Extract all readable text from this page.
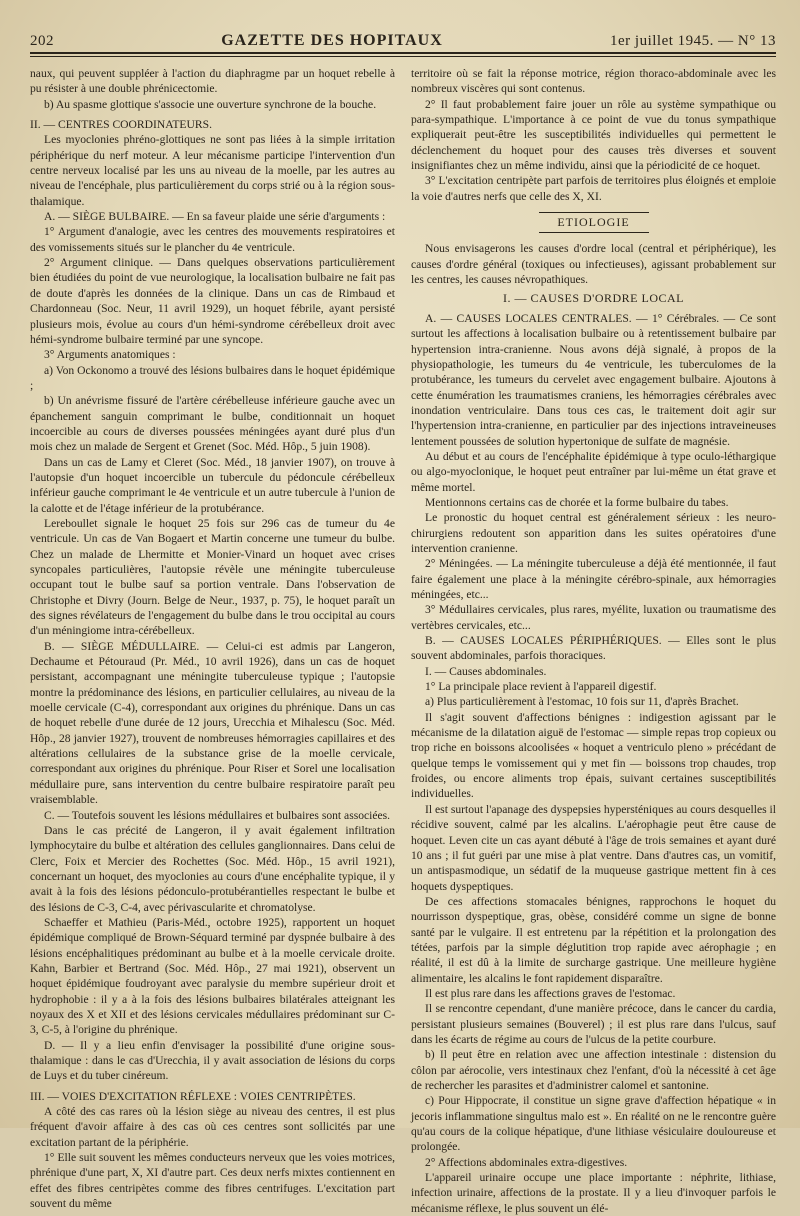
202	GAZETTE DES HOPITAUX	1er juillet 1945. — N° 13

naux, qui peuvent suppléer à l'action du diaphragme par un hoquet rebelle à pu résister à une double phrénicectomie.

b) Au spasme glottique s'associe une ouverture synchrone de la bouche.

II. — CENTRES COORDINATEURS.

Les myoclonies phréno-glottiques ne sont pas liées à la simple irritation périphérique du nerf moteur. A leur mécanisme participe l'intervention d'un centre nerveux localisé par les uns au niveau de la moelle, par les autres au niveau de l'encéphale, plus particulièrement du corps strié ou à la région sous-thalamique.

A. — SIÈGE BULBAIRE. — En sa faveur plaide une série d'arguments :

1° Argument d'analogie, avec les centres des mouvements respiratoires et des vomissements situés sur le plancher du 4e ventricule.

2° Argument clinique. — Dans quelques observations particulièrement bien étudiées du point de vue neurologique, la localisation bulbaire ne fait pas de doute d'après les données de la clinique. Dans un cas de Rimbaud et Chardonneau (Soc. Neur, 11 avril 1929), un hoquet fébrile, ayant persisté plusieurs mois, évolue au cours d'un hémi-syndrome cérébelleux droit avec hémi-syndrome bulbaire terminé par une syncope.

3° Arguments anatomiques :

a) Von Ockonomo a trouvé des lésions bulbaires dans le hoquet épidémique ;

b) Un anévrisme fissuré de l'artère cérébelleuse inférieure gauche avec un épanchement sanguin comprimant le bulbe, conditionnait un hoquet incoercible au cours de diverses poussées méningées ayant duré plus d'un mois chez un malade de Sergent et Grenet (Soc. Méd. Hôp., 5 juin 1908).

Dans un cas de Lamy et Cleret (Soc. Méd., 18 janvier 1907), on trouve à l'autopsie d'un hoquet incoercible un tubercule du pédoncule cérébelleux inférieur gauche comprimant le 4e ventricule et un autre tubercule à l'union de la calotte et de l'étage inférieur de la protubérance.

Lereboullet signale le hoquet 25 fois sur 296 cas de tumeur du 4e ventricule. Un cas de Van Bogaert et Martin concerne une tumeur du bulbe. Chez un malade de Lhermitte et Monier-Vinard un hoquet avec crises syncopales particulières, l'autopsie révèle une méningite tuberculeuse occupant tout le bulbe sauf sa portion ventrale. Dans l'observation de Christophe et Divry (Journ. Belge de Neur., 1937, p. 75), le hoquet paraît un des signes révélateurs de l'engagement du bulbe dans le trou occipital au cours d'un méningiome intra-cérébelleux.

B. — SIÈGE MÉDULLAIRE. — Celui-ci est admis par Langeron, Dechaume et Pétouraud (Pr. Méd., 10 avril 1926), dans un cas de hoquet persistant, accompagnant une méningite tuberculeuse typique ; l'autopsie montre la prédominance des lésions, en particulier cellulaires, au niveau de la moelle cervicale (C-4), correspondant aux origines du phrénique. Dans un cas de hoquet rebelle d'une durée de 12 jours, Urecchia et Mihalescu (Soc. Méd. Hôp., 28 janvier 1927), trouvent de nombreuses hémorragies capillaires et des altérations cellulaires de la substance grise de la moelle cervicale, correspondant aux origines du phrénique. Pour Riser et Sorel une localisation médullaire pure, sans intervention du centre bulbaire respiratoire paraît peu vraisemblable.

C. — Toutefois souvent les lésions médullaires et bulbaires sont associées.

Dans le cas précité de Langeron, il y avait également infiltration lymphocytaire du bulbe et altération des cellules ganglionnaires. Dans celui de Clerc, Foix et Mercier des Rochettes (Soc. Méd. Hôp., 15 avril 1921), concernant un hoquet, des myoclonies au cours d'une encéphalite typique, il y avait à la fois des lésions pédonculo-protubérantielles respectant le bulbe et des lésions de C-3, C-4, avec périvascularite et chromatolyse.

Schaeffer et Mathieu (Paris-Méd., octobre 1925), rapportent un hoquet épidémique compliqué de Brown-Séquard terminé par dyspnée bulbaire à des lésions encéphalitiques prédominant au bulbe et à la moelle cervicale droite. Kahn, Barbier et Bertrand (Soc. Méd. Hôp., 27 mai 1921), observent un hoquet épidémique foudroyant avec paralysie du membre supérieur droit et hydrophobie : il y a à la fois des lésions bulbaires bilatérales atteignant les noyaux des X et XII et des lésions cervicales médullaires prédominant sur C-3, C-5, à l'origine du phrénique.

D. — Il y a lieu enfin d'envisager la possibilité d'une origine sous-thalamique : dans le cas d'Urecchia, il y avait association de lésions du corps de Luys et du tuber cinéreum.

III. — VOIES D'EXCITATION RÉFLEXE : VOIES CENTRIPÈTES.

A côté des cas rares où la lésion siège au niveau des centres, il est plus fréquent d'avoir affaire à des cas où ces centres sont sollicités par une excitation partant de la périphérie.

1° Elle suit souvent les mêmes conducteurs nerveux que les voies motrices, phrénique d'une part, X, XI d'autre part. Ces deux nerfs mixtes contiennent en effet des fibres centripètes comme des fibres centrifuges. L'excitation part souvent du même

territoire où se fait la réponse motrice, région thoraco-abdominale avec les nombreux viscères qui sont contenus.

2° Il faut probablement faire jouer un rôle au système sympathique ou para-sympathique. L'importance à ce point de vue du tonus sympathique expliquerait peut-être les susceptibilités individuelles qui permettent le déclenchement du hoquet pour des causes très diverses et souvent insignifiantes chez un même individu, ainsi que la périodicité de ce hoquet.

3° L'excitation centripète part parfois de territoires plus éloignés et emploie la voie d'autres nerfs que celle des X, XI.

ETIOLOGIE

Nous envisagerons les causes d'ordre local (central et périphérique), les causes d'ordre général (toxiques ou infectieuses), agissant probablement sur les centres, les causes névropathiques.

I. — CAUSES D'ORDRE LOCAL

A. — CAUSES LOCALES CENTRALES. — 1° Cérébrales. — Ce sont surtout les affections à localisation bulbaire ou à retentissement bulbaire par hypertension intra-cranienne. Nous avons déjà signalé, à propos de la physiopathologie, les tumeurs du 4e ventricule, les tuberculomes de la protubérance, les tumeurs du cervelet avec engagement bulbaire. Ajoutons à cette énumération les traumatismes craniens, les hémorragies cérébrales avec inondation ventriculaire. Dans tous ces cas, le traitement doit agir sur l'hypertension intra-cranienne, en particulier par des injections intraveineuses lentement poussées de solution hypertonique de sulfate de magnésie.

Au début et au cours de l'encéphalite épidémique à type oculo-léthargique ou algo-myoclonique, le hoquet peut entraîner par lui-même un état grave et même mortel.

Mentionnons certains cas de chorée et la forme bulbaire du tabes.

Le pronostic du hoquet central est généralement sérieux : les neuro-chirurgiens redoutent son apparition dans les suites opératoires d'une intervention cranienne.

2° Méningées. — La méningite tuberculeuse a déjà été mentionnée, il faut faire également une place à la méningite cérébro-spinale, aux hémorragies méningées, etc...

3° Médullaires cervicales, plus rares, myélite, luxation ou traumatisme des vertèbres cervicales, etc...

B. — CAUSES LOCALES PÉRIPHÉRIQUES. — Elles sont le plus souvent abdominales, parfois thoraciques.

I. — Causes abdominales.

1° La principale place revient à l'appareil digestif.

a) Plus particulièrement à l'estomac, 10 fois sur 11, d'après Brachet.

Il s'agit souvent d'affections bénignes : indigestion agissant par le mécanisme de la dilatation aiguë de l'estomac — simple repas trop copieux ou trop riche en boissons alcoolisées « hoquet a ventriculo pleno » précédant de quelque temps le vomissement qui y met fin — boissons trop chaudes, trop froides, ou encore aliments trop épais, suivant certaines susceptibilités individuelles.

Il est surtout l'apanage des dyspepsies hypersténiques au cours desquelles il récidive souvent, calmé par les alcalins. L'aérophagie peut être cause de hoquet. Leven cite un cas ayant débuté à l'âge de trois semaines et ayant duré 10 ans ; il fut guéri par une mise à plat ventre. Dans d'autres cas, un vomitif, un antispasmodique, un sédatif de la muqueuse gastrique mettent fin à ces hoquets dyspeptiques.

De ces affections stomacales bénignes, rapprochons le hoquet du nourrisson dyspeptique, gras, obèse, considéré comme un signe de bonne santé par le vulgaire. Il est entretenu par la répétition et la prolongation des tétées, parfois par la simple déglutition trop rapide avec aérophagie ; en réalité, il est dû à la limite de surcharge gastrique. Une meilleure hygiène alimentaire, les alcalins le font rapidement disparaître.

Il est plus rare dans les affections graves de l'estomac.

Il se rencontre cependant, d'une manière précoce, dans le cancer du cardia, persistant plusieurs semaines (Bouverel) ; il est plus rare dans l'ulcus, sauf dans les écarts de régime au cours de l'ulcus de la petite courbure.

b) Il peut être en relation avec une affection intestinale : distension du côlon par aérocolie, vers intestinaux chez l'enfant, d'où la nécessité à cet âge de rechercher les parasites et d'administrer calomel et santonine.

c) Pour Hippocrate, il constitue un signe grave d'affection hépatique « in jecoris inflammatione singultus malo est ». En réalité on ne le rencontre guère qu'au cours de la colique hépatique, d'une lithiase vésiculaire douloureuse et prolongée.

2° Affections abdominales extra-digestives.

L'appareil urinaire occupe une place importante : néphrite, lithiase, infection urinaire, affections de la prostate. Il y a lieu d'invoquer parfois le mécanisme réflexe, le plus souvent un élé-
